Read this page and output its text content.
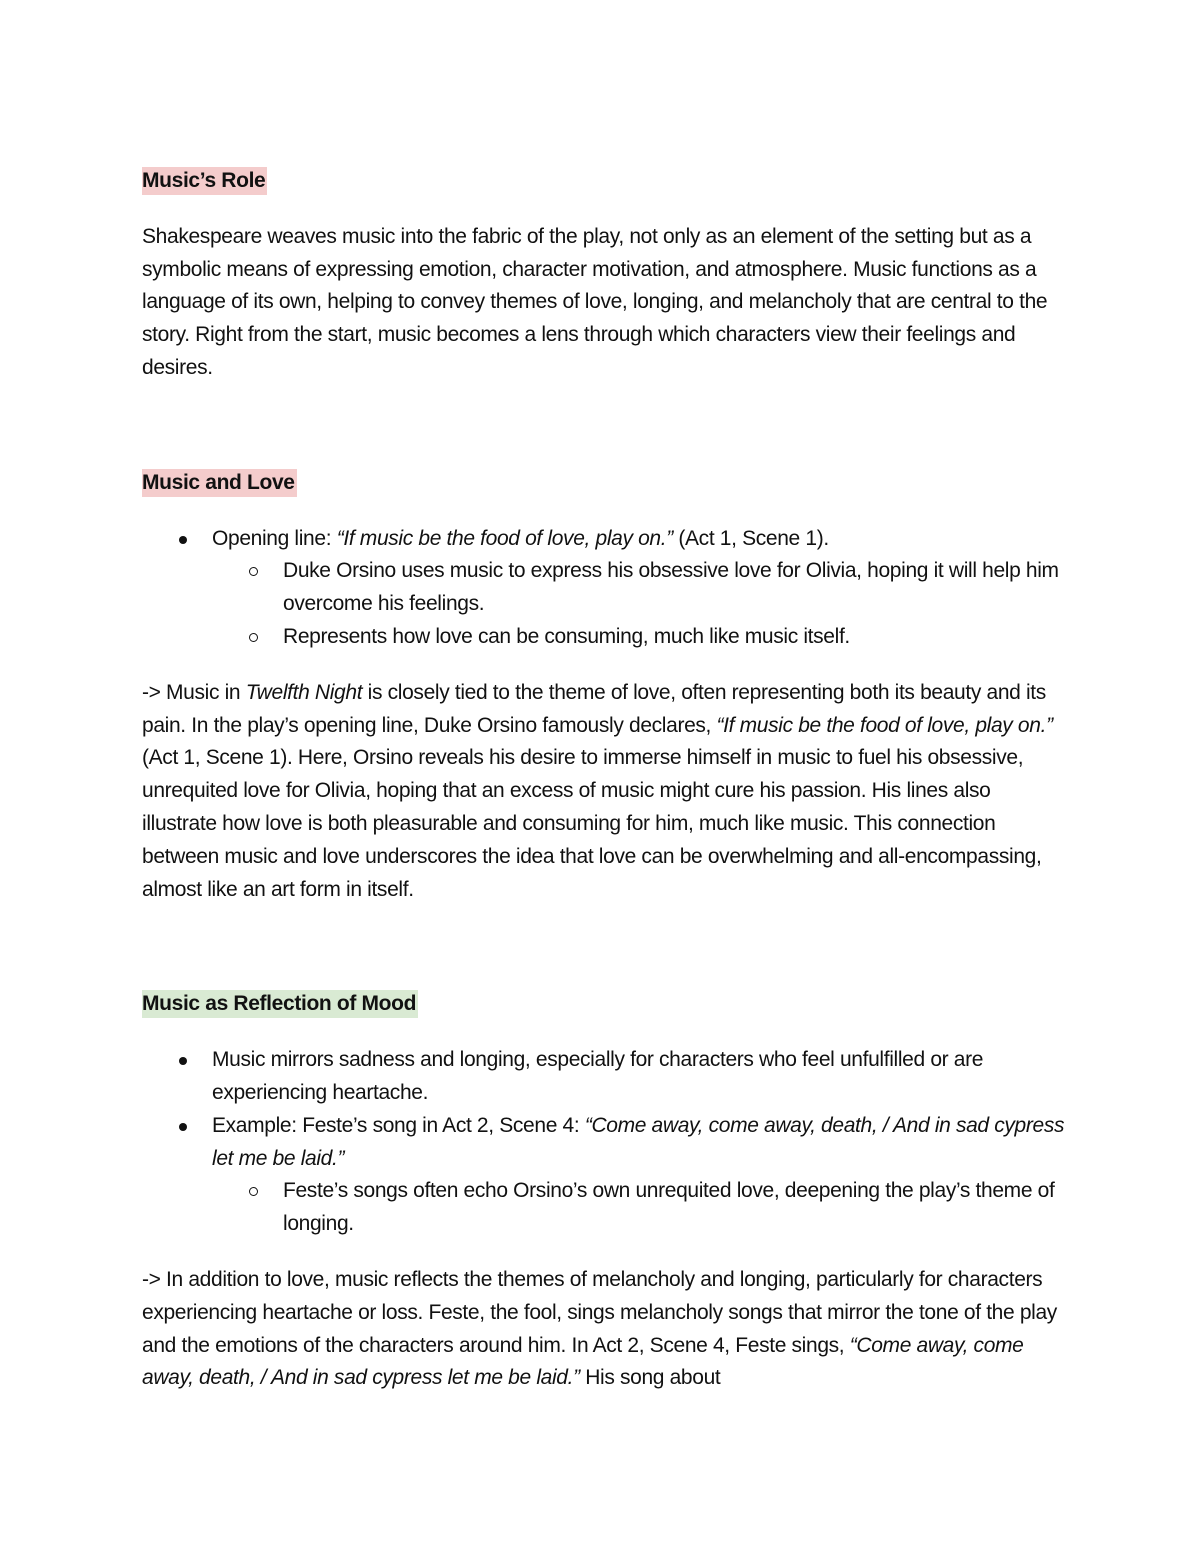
Music’s Role

Shakespeare weaves music into the fabric of the play, not only as an element of the setting but as a symbolic means of expressing emotion, character motivation, and atmosphere. Music functions as a language of its own, helping to convey themes of love, longing, and melancholy that are central to the story. Right from the start, music becomes a lens through which characters view their feelings and desires.

Music and Love
Opening line: “If music be the food of love, play on.” (Act 1, Scene 1).
Duke Orsino uses music to express his obsessive love for Olivia, hoping it will help him overcome his feelings.
Represents how love can be consuming, much like music itself.

-> Music in Twelfth Night is closely tied to the theme of love, often representing both its beauty and its pain. In the play’s opening line, Duke Orsino famously declares, “If music be the food of love, play on.” (Act 1, Scene 1). Here, Orsino reveals his desire to immerse himself in music to fuel his obsessive, unrequited love for Olivia, hoping that an excess of music might cure his passion. His lines also illustrate how love is both pleasurable and consuming for him, much like music. This connection between music and love underscores the idea that love can be overwhelming and all-encompassing, almost like an art form in itself.

Music as Reflection of Mood
Music mirrors sadness and longing, especially for characters who feel unfulfilled or are experiencing heartache.
Example: Feste’s song in Act 2, Scene 4: “Come away, come away, death, / And in sad cypress let me be laid.”
Feste’s songs often echo Orsino’s own unrequited love, deepening the play’s theme of longing.

-> In addition to love, music reflects the themes of melancholy and longing, particularly for characters experiencing heartache or loss. Feste, the fool, sings melancholy songs that mirror the tone of the play and the emotions of the characters around him. In Act 2, Scene 4, Feste sings, “Come away, come away, death, / And in sad cypress let me be laid.” His song about
